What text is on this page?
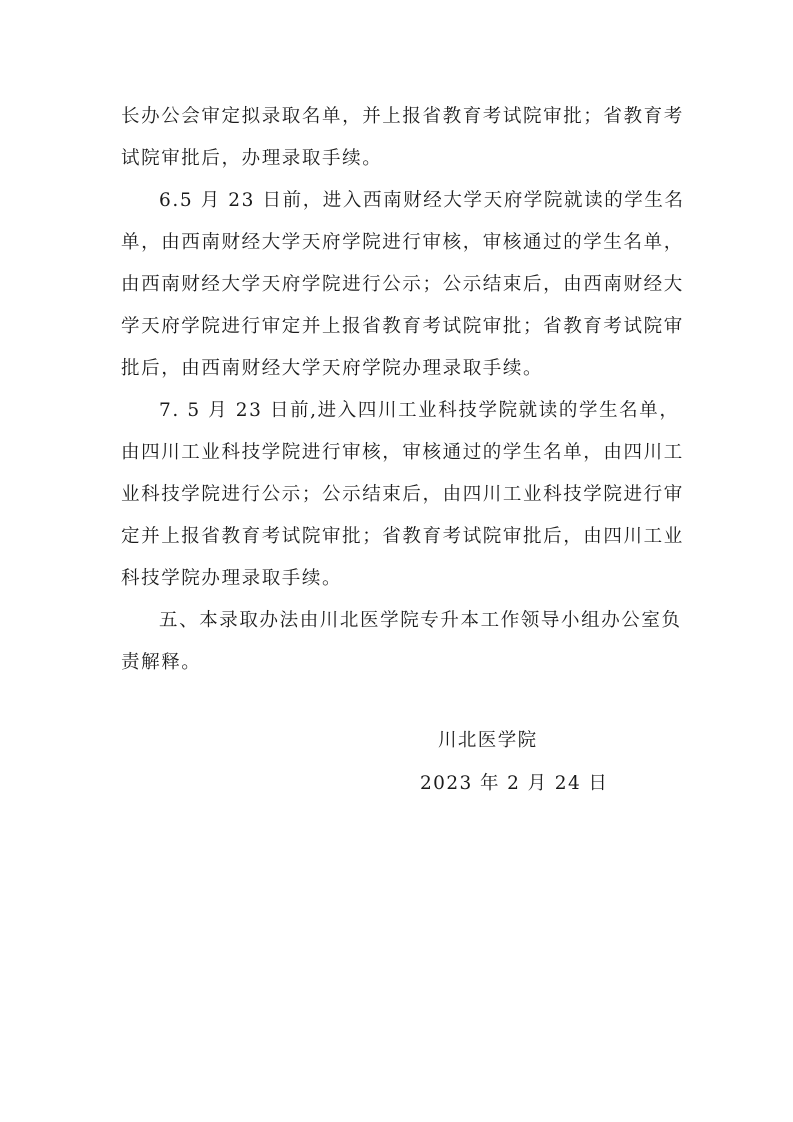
长办公会审定拟录取名单，并上报省教育考试院审批；省教育考
试院审批后，办理录取手续。
6.5 月 23 日前，进入西南财经大学天府学院就读的学生名
单，由西南财经大学天府学院进行审核，审核通过的学生名单，
由西南财经大学天府学院进行公示；公示结束后，由西南财经大
学天府学院进行审定并上报省教育考试院审批；省教育考试院审
批后，由西南财经大学天府学院办理录取手续。
7. 5 月 23 日前,进入四川工业科技学院就读的学生名单，
由四川工业科技学院进行审核，审核通过的学生名单，由四川工
业科技学院进行公示；公示结束后，由四川工业科技学院进行审
定并上报省教育考试院审批；省教育考试院审批后，由四川工业
科技学院办理录取手续。
五、本录取办法由川北医学院专升本工作领导小组办公室负
责解释。
川北医学院
2023 年 2 月 24 日
